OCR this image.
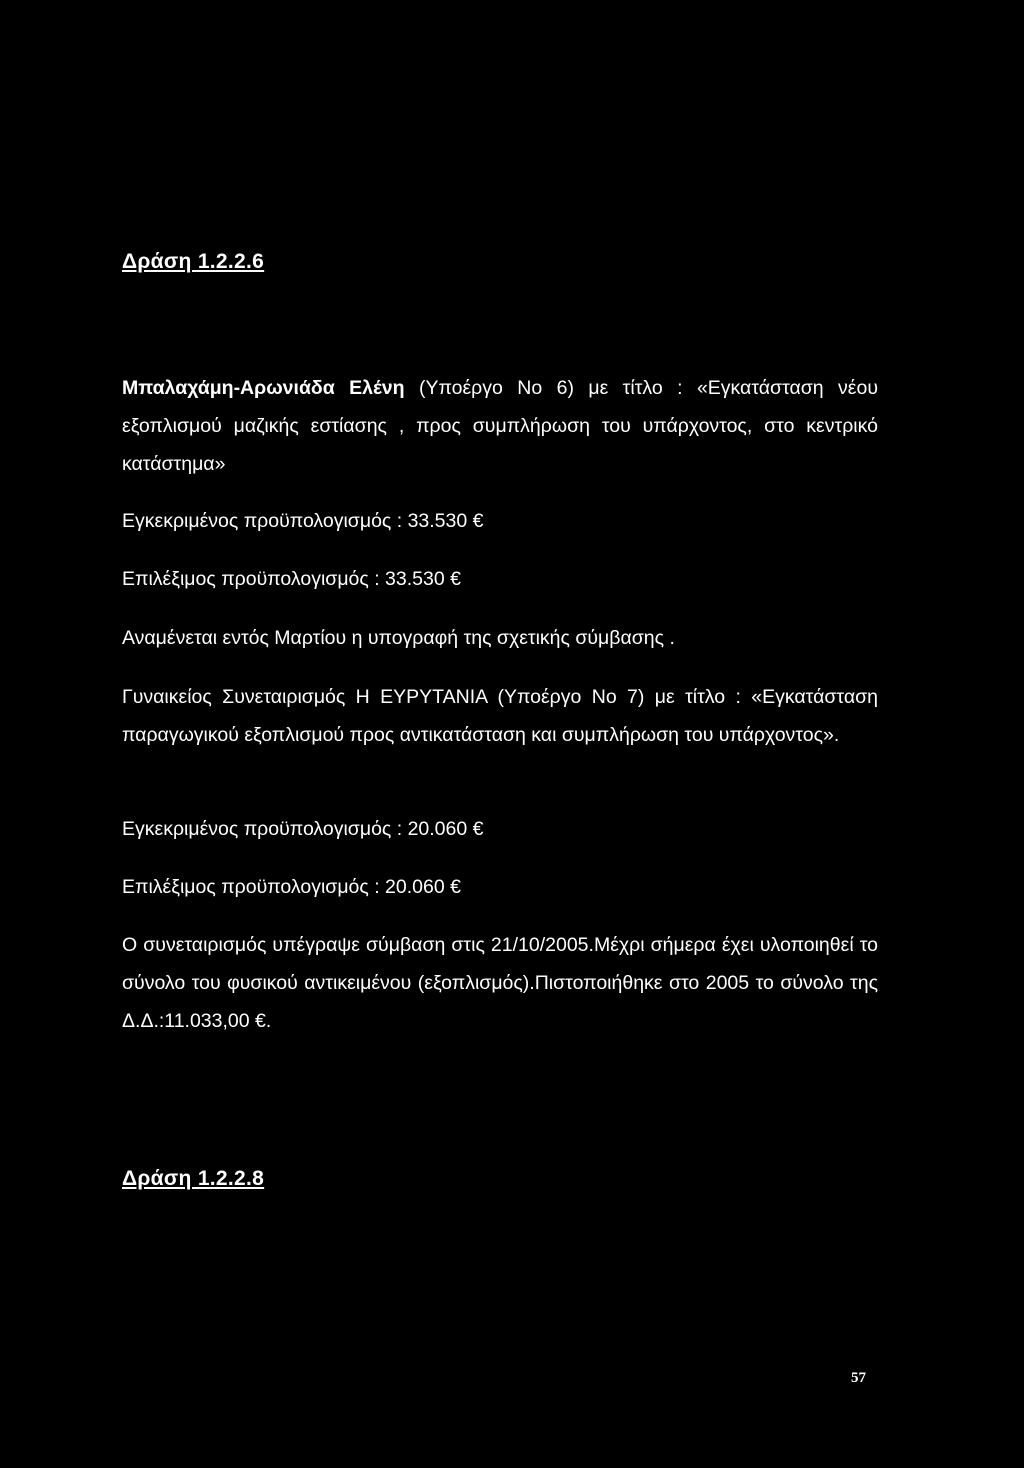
Δράση 1.2.2.6
Μπαλαχάμη-Αρωνιάδα Ελένη (Υποέργο Νο 6) με τίτλο : «Εγκατάσταση νέου εξοπλισμού μαζικής εστίασης , προς συμπλήρωση του υπάρχοντος, στο κεντρικό κατάστημα»
Εγκεκριμένος προϋπολογισμός : 33.530 €
Επιλέξιμος προϋπολογισμός : 33.530 €
Αναμένεται εντός Μαρτίου η υπογραφή της σχετικής σύμβασης .
Γυναικείος Συνεταιρισμός Η ΕΥΡΥΤΑΝΙΑ (Υποέργο Νο 7) με τίτλο : «Εγκατάσταση παραγωγικού εξοπλισμού προς αντικατάσταση και συμπλήρωση του υπάρχοντος».
Εγκεκριμένος προϋπολογισμός : 20.060 €
Επιλέξιμος προϋπολογισμός : 20.060 €
Ο συνεταιρισμός υπέγραψε σύμβαση στις 21/10/2005.Μέχρι σήμερα έχει υλοποιηθεί το σύνολο του φυσικού αντικειμένου (εξοπλισμός).Πιστοποιήθηκε στο 2005 το σύνολο της Δ.Δ.:11.033,00 €.
Δράση 1.2.2.8
57
